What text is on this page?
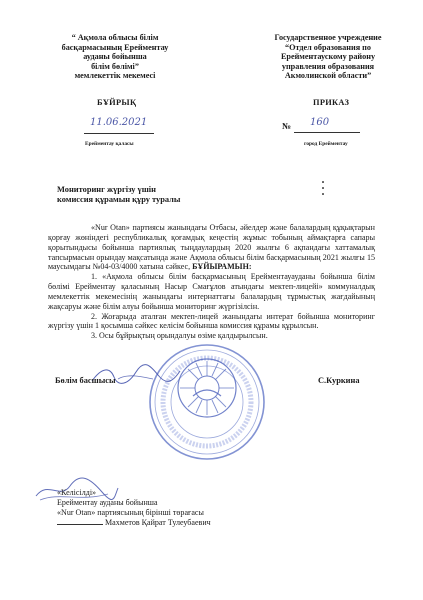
“ Ақмола облысы білім
басқармасының Ерейментау
ауданы бойынша
білім бөлімі”
мемлекеттік мекемесі
Государственное учреждение
“Отдел образования по
Ерейментаускому району
управления образования
Акмолинской области”
БҰЙРЫҚ	ПРИКАЗ
11.06.2021	№ 160
Ерейментау қаласы	город Ерейментау
Мониторинг жүргізу үшін
комиссия құрамын құру туралы

«Nur Otan» партиясы жанындағы Отбасы, әйелдер және балалардың құқықтарын қорғау жөніндегі республикалық қоғамдық кеңестің жұмыс тобының аймақтарға сапары қорытындысы бойынша партиялық тыңдаулардың 2020 жылғы 6 ақпандағы хаттамалық тапсырмасын орындау мақсатында және Ақмола облысы білім басқармасының 2021 жылғы 15 маусымдағы №04-03/4000 хатына сәйкес, БҰЙЫРАМЫН:

1. «Ақмола облысы білім басқармасының Ереймент​ауауданы бойынша білім бөлімі Ерейментау қаласының Насыр Смағұлов атындағы мектеп-лицейі» коммуналдық мемлекеттік мекемесінің жанындағы интернаттағы балалардың тұрмыстық жағдайының жақсаруы және білім алуы бойынша мониторинг жүргізілсін.

2. Жоғарыда аталған мектеп-лицей жанындағы интерат бойынша мониторинг жүргізу үшін 1 қосымша сәйкес келісім бойынша комиссия құрамы құрылсын.

3. Осы бұйрықтың орындалуы өзіме қалдырылсын.

Бөлім басшысы	С.Куркина
«Келісілді»
Ерейментау ауданы бойынша
«Nur Otan» партиясының бірінші төрағасы
Махметов Қайрат Тулеубаевич
